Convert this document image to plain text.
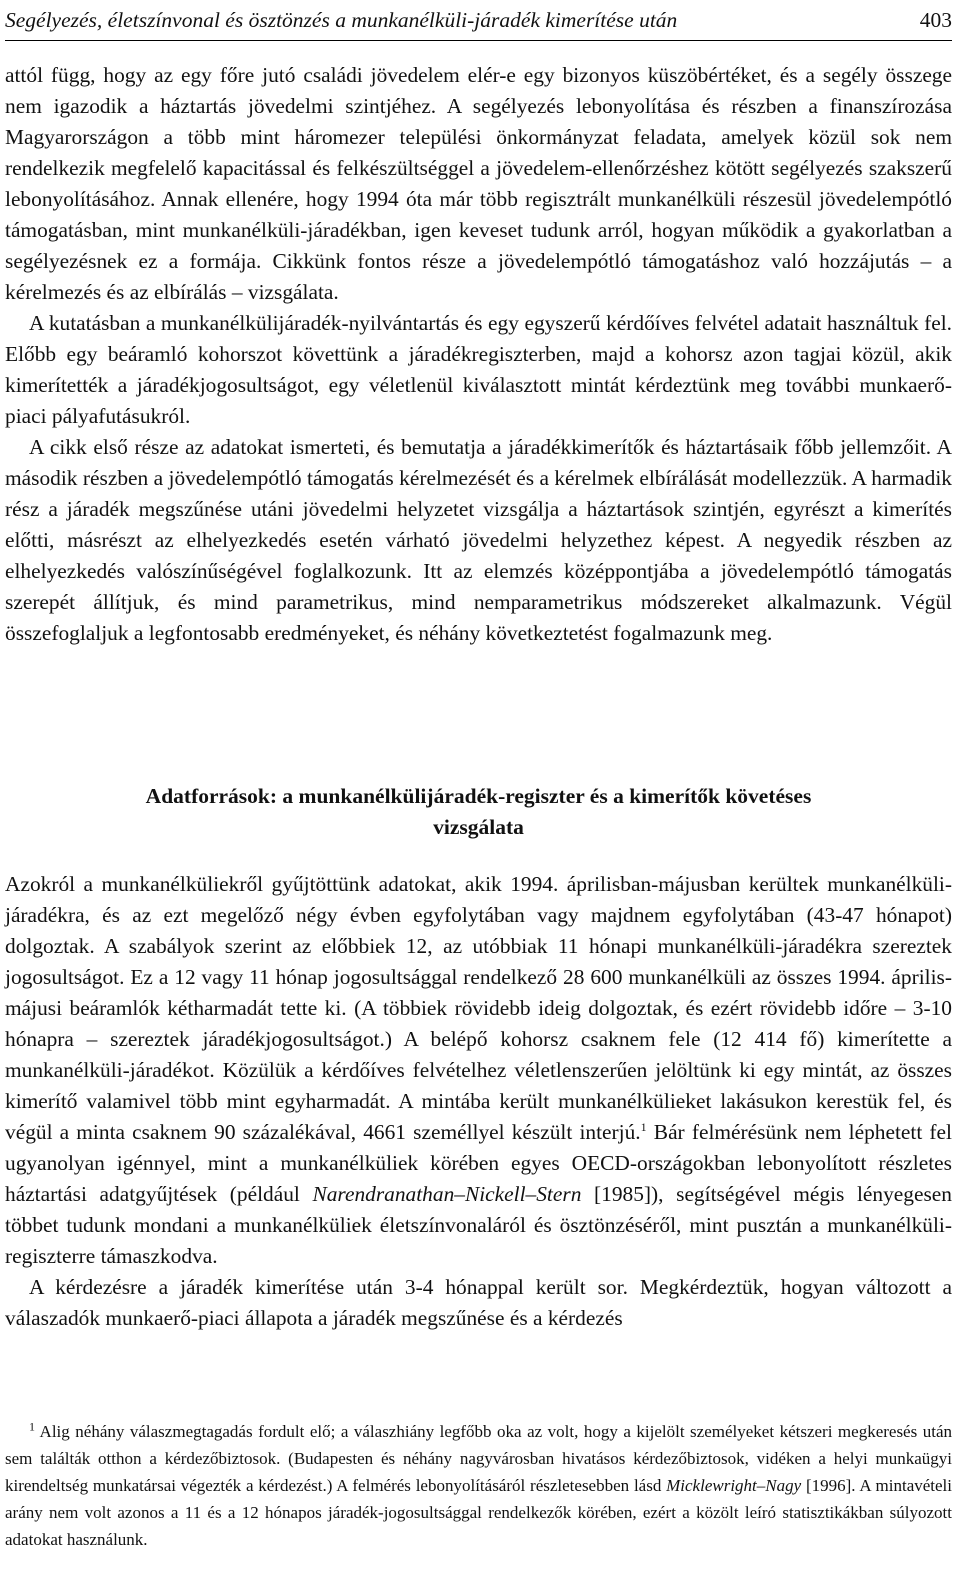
Segélyezés, életszínvonal és ösztönzés a munkanélküli-járadék kimerítése után	403

attól függ, hogy az egy főre jutó családi jövedelem elér-e egy bizonyos küszöbértéket, és a segély összege nem igazodik a háztartás jövedelmi szintjéhez. A segélyezés lebonyolítása és részben a finanszírozása Magyarországon a több mint háromezer települési önkormányzat feladata, amelyek közül sok nem rendelkezik megfelelő kapacitással és felkészültséggel a jövedelem-ellenőrzéshez kötött segélyezés szakszerű lebonyolításához. Annak ellenére, hogy 1994 óta már több regisztrált munkanélküli részesül jövedelempótló támogatásban, mint munkanélküli-járadékban, igen keveset tudunk arról, hogyan működik a gyakorlatban a segélyezésnek ez a formája. Cikkünk fontos része a jövedelempótló támogatáshoz való hozzájutás – a kérelmezés és az elbírálás – vizsgálata.

A kutatásban a munkanélkülijáradék-nyilvántartás és egy egyszerű kérdőíves felvétel adatait használtuk fel. Előbb egy beáramló kohorszot követtünk a járadékregiszterben, majd a kohorsz azon tagjai közül, akik kimerítették a járadékjogosultságot, egy véletlenül kiválasztott mintát kérdeztünk meg további munkaerő-piaci pályafutásukról.

A cikk első része az adatokat ismerteti, és bemutatja a járadékkimerítők és háztartásaik főbb jellemzőit. A második részben a jövedelempótló támogatás kérelmezését és a kérelmek elbírálását modellezzük. A harmadik rész a járadék megszűnése utáni jövedelmi helyzetet vizsgálja a háztartások szintjén, egyrészt a kimerítés előtti, másrészt az elhelyezkedés esetén várható jövedelmi helyzethez képest. A negyedik részben az elhelyezkedés valószínűségével foglalkozunk. Itt az elemzés középpontjába a jövedelempótló támogatás szerepét állítjuk, és mind parametrikus, mind nemparametrikus módszereket alkalmazunk. Végül összefoglaljuk a legfontosabb eredményeket, és néhány következtetést fogalmazunk meg.

Adatforrások: a munkanélkülijáradék-regiszter és a kimerítők követéses
vizsgálata

Azokról a munkanélküliekről gyűjtöttünk adatokat, akik 1994. áprilisban-májusban kerültek munkanélküli-járadékra, és az ezt megelőző négy évben egyfolytában vagy majdnem egyfolytában (43-47 hónapot) dolgoztak. A szabályok szerint az előbbiek 12, az utóbbiak 11 hónapi munkanélküli-járadékra szereztek jogosultságot. Ez a 12 vagy 11 hónap jogosultsággal rendelkező 28 600 munkanélküli az összes 1994. április-májusi beáramlók kétharmadát tette ki. (A többiek rövidebb ideig dolgoztak, és ezért rövidebb időre – 3-10 hónapra – szereztek járadékjogosultságot.) A belépő kohorsz csaknem fele (12 414 fő) kimerítette a munkanélküli-járadékot. Közülük a kérdőíves felvételhez véletlenszerűen jelöltünk ki egy mintát, az összes kimerítő valamivel több mint egyharmadát. A mintába került munkanélkülieket lakásukon kerestük fel, és végül a minta csaknem 90 százalékával, 4661 személlyel készült interjú.$^1$ Bár felmérésünk nem léphetett fel ugyanolyan igénnyel, mint a munkanélküliek körében egyes OECD-országokban lebonyolított részletes háztartási adatgyűjtések (például Narendranathan–Nickell–Stern [1985]), segítségével mégis lényegesen többet tudunk mondani a munkanélküliek életszínvonaláról és ösztönzéséről, mint pusztán a munkanélküli-regiszterre támaszkodva.

A kérdezésre a járadék kimerítése után 3-4 hónappal került sor. Megkérdeztük, hogyan változott a válaszadók munkaerő-piaci állapota a járadék megszűnése és a kérdezés

$^1$ Alig néhány válaszmegtagadás fordult elő; a válaszhiány legfőbb oka az volt, hogy a kijelölt személyeket kétszeri megkeresés után sem találták otthon a kérdezőbiztosok. (Budapesten és néhány nagyvárosban hivatásos kérdezőbiztosok, vidéken a helyi munkaügyi kirendeltség munkatársai végezték a kérdezést.) A felmérés lebonyolításáról részletesebben lásd Micklewright–Nagy [1996]. A mintavételi arány nem volt azonos a 11 és a 12 hónapos járadék-jogosultsággal rendelkezők körében, ezért a közölt leíró statisztikákban súlyozott adatokat használunk.
